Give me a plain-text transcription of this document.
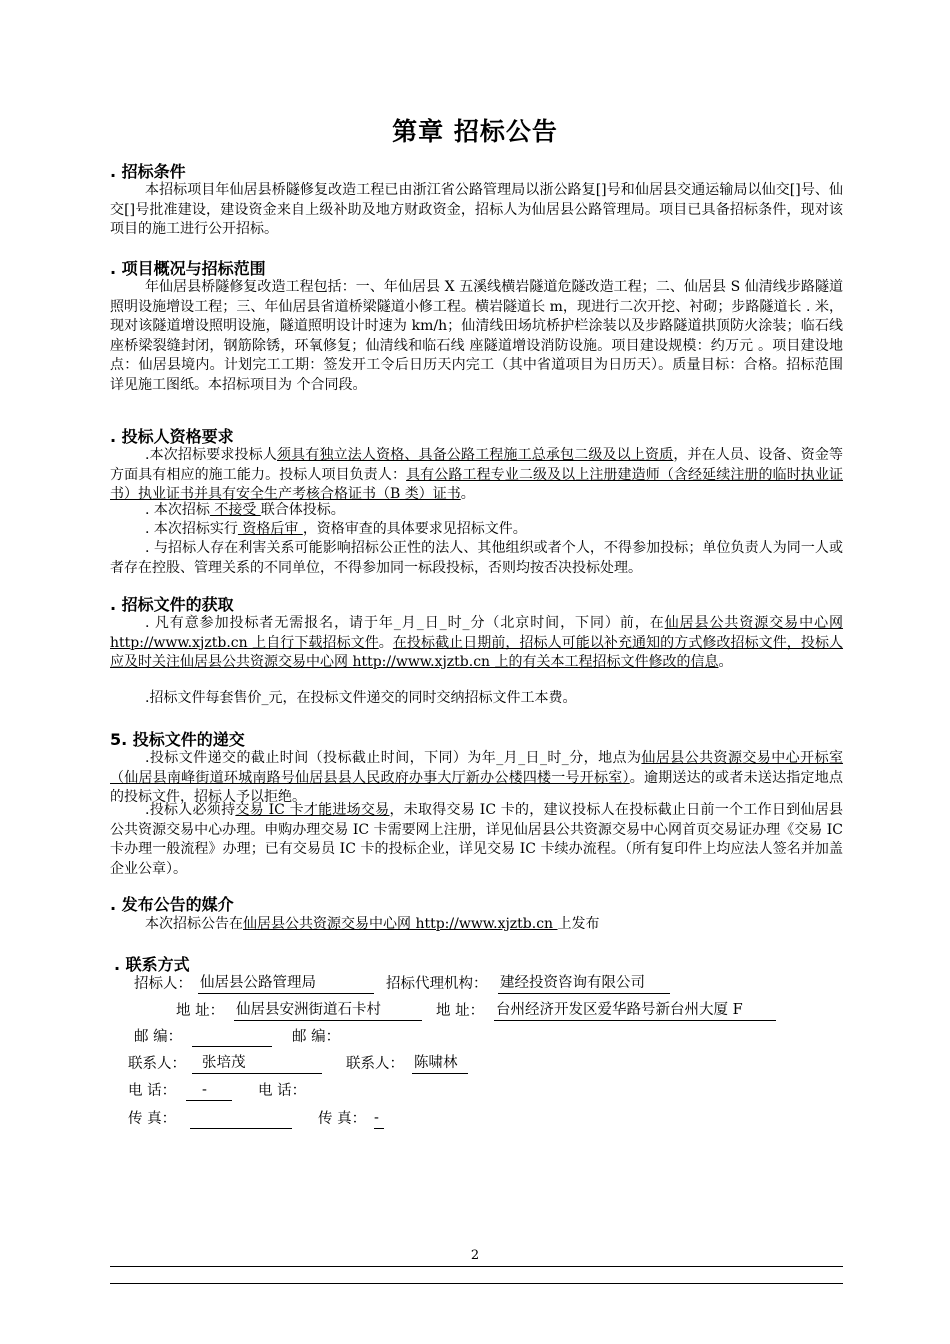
第章 招标公告
. 招标条件
本招标项目年仙居县桥隧修复改造工程已由浙江省公路管理局以浙公路复[]号和仙居县交通运输局以仙交[]号、仙交[]号批准建设，建设资金来自上级补助及地方财政资金，招标人为仙居县公路管理局。项目已具备招标条件，现对该项目的施工进行公开招标。
. 项目概况与招标范围
年仙居县桥隧修复改造工程包括：一、年仙居县 X 五溪线横岩隧道危隧改造工程；二、仙居县 S 仙清线步路隧道照明设施增设工程；三、年仙居县省道桥梁隧道小修工程。横岩隧道长 m，现进行二次开挖、衬砌；步路隧道长 . 米，现对该隧道增设照明设施，隧道照明设计时速为 km/h；仙清线田场坑桥护栏涂装以及步路隧道拱顶防火涂装；临石线 座桥梁裂缝封闭，钢筋除锈，环氧修复；仙清线和临石线 座隧道增设消防设施。项目建设规模：约万元 。项目建设地点：仙居县境内。计划完工工期：签发开工令后日历天内完工（其中省道项目为日历天）。质量目标：合格。招标范围详见施工图纸。本招标项目为 个合同段。
. 投标人资格要求
.本次招标要求投标人须具有独立法人资格、具备公路工程施工总承包二级及以上资质，并在人员、设备、资金等方面具有相应的施工能力。投标人项目负责人：具有公路工程专业二级及以上注册建造师（含经延续注册的临时执业证书）执业证书并具有安全生产考核合格证书（B 类）证书。
. 本次招标 不接受 联合体投标。
. 本次招标实行 资格后审 ，资格审查的具体要求见招标文件。
. 与招标人存在利害关系可能影响招标公正性的法人、其他组织或者个人，不得参加投标；单位负责人为同一人或者存在控股、管理关系的不同单位，不得参加同一标段投标，否则均按否决投标处理。
. 招标文件的获取
. 凡有意参加投标者无需报名，请于年_月_日_时_分（北京时间，下同）前，在仙居县公共资源交易中心网 http://www.xjztb.cn 上自行下载招标文件。在投标截止日期前，招标人可能以补充通知的方式修改招标文件，投标人应及时关注仙居县公共资源交易中心网 http://www.xjztb.cn 上的有关本工程招标文件修改的信息。
.招标文件每套售价_元，在投标文件递交的同时交纳招标文件工本费。
5. 投标文件的递交
.投标文件递交的截止时间（投标截止时间，下同）为年_月_日_时_分，地点为仙居县公共资源交易中心开标室（仙居县南峰街道环城南路号仙居县县人民政府办事大厅新办公楼四楼一号开标室）。逾期送达的或者未送达指定地点的投标文件，招标人予以拒绝。
.投标人必须持交易 IC 卡才能进场交易，未取得交易 IC 卡的，建议投标人在投标截止日前一个工作日到仙居县公共资源交易中心办理。申购办理交易 IC 卡需要网上注册，详见仙居县公共资源交易中心网首页交易证办理《交易 IC 卡办理一般流程》办理；已有交易员 IC 卡的投标企业，详见交易 IC 卡续办流程。（所有复印件上均应法人签名并加盖企业公章）。
. 发布公告的媒介
本次招标公告在仙居县公共资源交易中心网 http://www.xjztb.cn 上发布
. 联系方式
招标人： 仙居县公路管理局	招标代理机构： 建经投资咨询有限公司
地 址： 仙居县安洲街道石卡村	地 址： 台州经济开发区爱华路号新台州大厦 F
邮 编：	邮 编：
联系人：	张培茂	联系人： 陈啸林
电 话：	-	电 话：
传 真：	传 真： -
2
